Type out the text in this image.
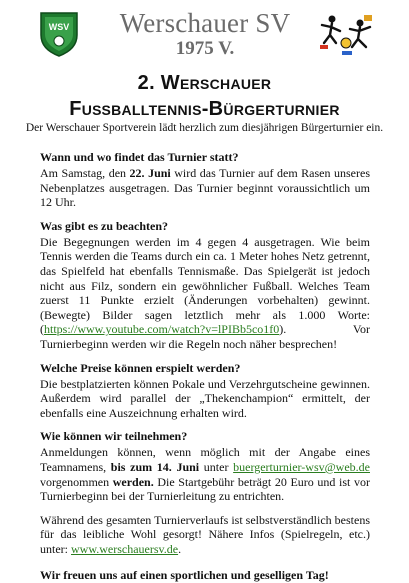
WSV	Werschauer SV
1975 V.
2. Werschauer
Fußballtennis-Bürgerturnier
Der Werschauer Sportverein lädt herzlich zum diesjährigen Bürgerturnier ein.
Wann und wo findet das Turnier statt?
Am Samstag, den 22. Juni wird das Turnier auf dem Rasen unseres Nebenplatzes ausgetragen. Das Turnier beginnt voraussichtlich um 12 Uhr.
Was gibt es zu beachten?
Die Begegnungen werden im 4 gegen 4 ausgetragen. Wie beim Tennis werden die Teams durch ein ca. 1 Meter hohes Netz getrennt, das Spielfeld hat ebenfalls Tennismaße. Das Spielgerät ist jedoch nicht aus Filz, sondern ein gewöhnlicher Fußball. Welches Team zuerst 11 Punkte erzielt (Änderungen vorbehalten) gewinnt. (Bewegte) Bilder sagen letztlich mehr als 1.000 Worte: (https://www.youtube.com/watch?v=lPIBb5co1f0). Vor Turnierbeginn werden wir die Regeln noch näher besprechen!
Welche Preise können erspielt werden?
Die bestplatzierten können Pokale und Verzehrgutscheine gewinnen. Außerdem wird parallel der „Thekenchampion“ ermittelt, der ebenfalls eine Auszeichnung erhalten wird.
Wie können wir teilnehmen?
Anmeldungen können, wenn möglich mit der Angabe eines Teamnamens, bis zum 14. Juni unter buergerturnier-wsv@web.de vorgenommen werden. Die Startgebühr beträgt 20 Euro und ist vor Turnierbeginn bei der Turnierleitung zu entrichten.
Während des gesamten Turnierverlaufs ist selbstverständlich bestens für das leibliche Wohl gesorgt! Nähere Infos (Spielregeln, etc.) unter: www.werschauersv.de.
Wir freuen uns auf einen sportlichen und geselligen Tag!
